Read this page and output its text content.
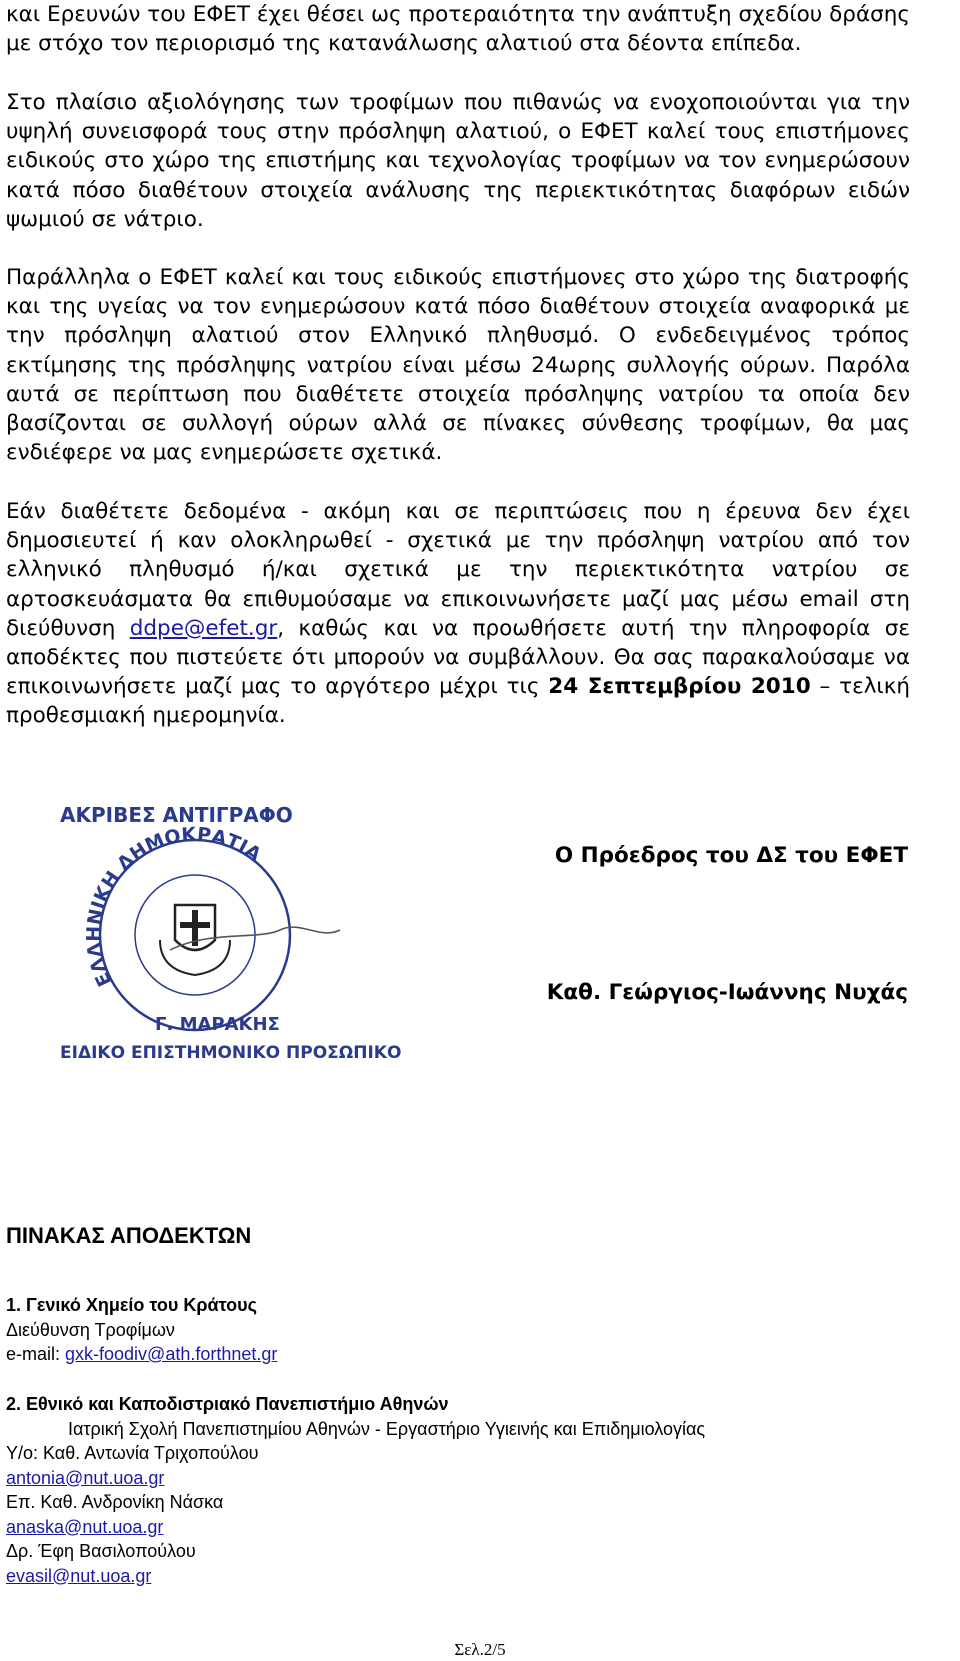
και Ερευνών του ΕΦΕΤ έχει θέσει ως προτεραιότητα την ανάπτυξη σχεδίου δράσης με στόχο τον περιορισμό της κατανάλωσης αλατιού στα δέοντα επίπεδα.

Στο πλαίσιο αξιολόγησης των τροφίμων που πιθανώς να ενοχοποιούνται για την υψηλή συνεισφορά τους στην πρόσληψη αλατιού, ο ΕΦΕΤ καλεί τους επιστήμονες ειδικούς στο χώρο της επιστήμης και τεχνολογίας τροφίμων να τον ενημερώσουν κατά πόσο διαθέτουν στοιχεία ανάλυσης της περιεκτικότητας διαφόρων ειδών ψωμιού σε νάτριο.

Παράλληλα ο ΕΦΕΤ καλεί και τους ειδικούς επιστήμονες στο χώρο της διατροφής και της υγείας να τον ενημερώσουν κατά πόσο διαθέτουν στοιχεία αναφορικά με την πρόσληψη αλατιού στον Ελληνικό πληθυσμό. Ο ενδεδειγμένος τρόπος εκτίμησης της πρόσληψης νατρίου είναι μέσω 24ωρης συλλογής ούρων. Παρόλα αυτά σε περίπτωση που διαθέτετε στοιχεία πρόσληψης νατρίου τα οποία δεν βασίζονται σε συλλογή ούρων αλλά σε πίνακες σύνθεσης τροφίμων, θα μας ενδιέφερε να μας ενημερώσετε σχετικά.

Εάν διαθέτετε δεδομένα - ακόμη και σε περιπτώσεις που η έρευνα δεν έχει δημοσιευτεί ή καν ολοκληρωθεί - σχετικά με την πρόσληψη νατρίου από τον ελληνικό πληθυσμό ή/και σχετικά με την περιεκτικότητα νατρίου σε αρτοσκευάσματα θα επιθυμούσαμε να επικοινωνήσετε μαζί μας μέσω email στη διεύθυνση ddpe@efet.gr, καθώς και να προωθήσετε αυτή την πληροφορία σε αποδέκτες που πιστεύετε ότι μπορούν να συμβάλλουν. Θα σας παρακαλούσαμε να επικοινωνήσετε μαζί μας το αργότερο μέχρι τις 24 Σεπτεμβρίου 2010 – τελική προθεσμιακή ημερομηνία.

ΑΚΡΙΒΕΣ ΑΝΤΙΓΡΑΦΟ
ΕΛΛΗΝΙΚΗ ΔΗΜΟΚΡΑΤΙΑ
Γ. ΜΑΡΑΚΗΣ
ΕΙΔΙΚΟ ΕΠΙΣΤΗΜΟΝΙΚΟ ΠΡΟΣΩΠΙΚΟ
Ο Πρόεδρος του ΔΣ του ΕΦΕΤ
Καθ. Γεώργιος-Ιωάννης Νυχάς
ΠΙΝΑΚΑΣ ΑΠΟΔΕΚΤΩΝ
1. Γενικό Χημείο του Κράτους
Διεύθυνση Τροφίμων
e-mail: gxk-foodiv@ath.forthnet.gr
2. Εθνικό και Καποδιστριακό Πανεπιστήμιο Αθηνών
Ιατρική Σχολή Πανεπιστημίου Αθηνών - Εργαστήριο Υγιεινής και Επιδημιολογίας
Υ/ο: Καθ. Αντωνία Τριχοπούλου
antonia@nut.uoa.gr
Επ. Καθ. Ανδρονίκη Νάσκα
anaska@nut.uoa.gr
Δρ. Έφη Βασιλοπούλου
evasil@nut.uoa.gr
Σελ.2/5
